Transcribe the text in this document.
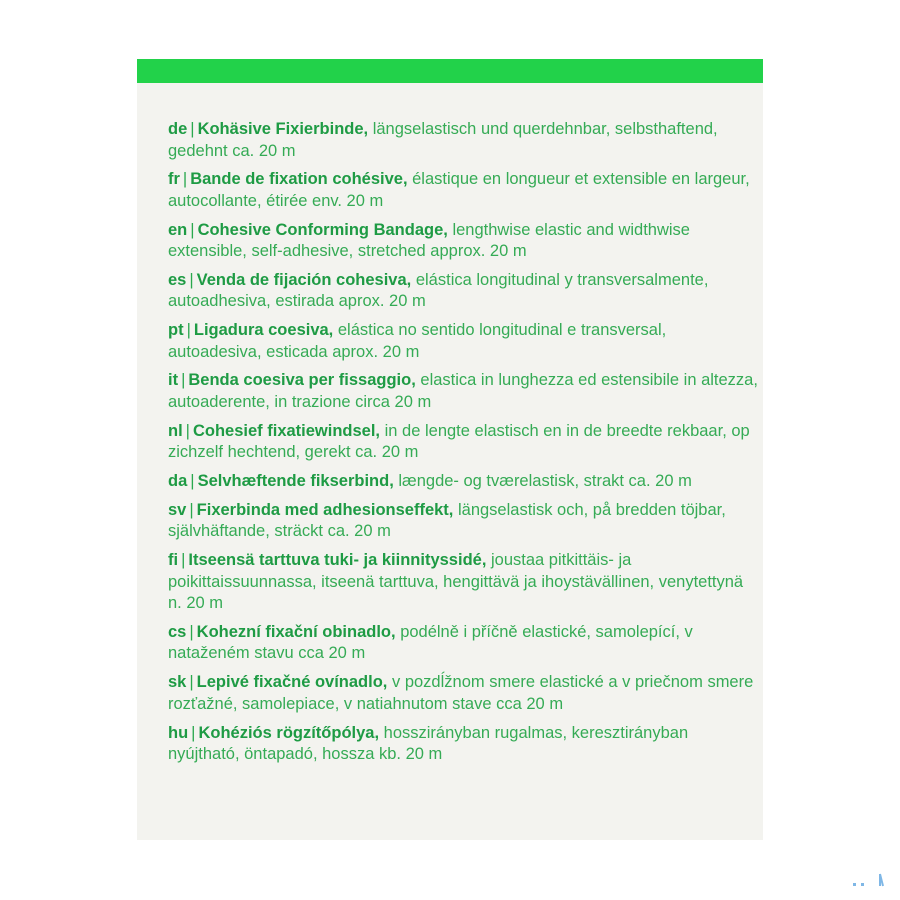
de | Kohäsive Fixierbinde, längselastisch und querdehnbar, selbsthaftend, gedehnt ca. 20 m
fr | Bande de fixation cohésive, élastique en longueur et extensible en largeur, autocollante, étirée env. 20 m
en | Cohesive Conforming Bandage, lengthwise elastic and widthwise extensible, self-adhesive, stretched approx. 20 m
es | Venda de fijación cohesiva, elástica longitudinal y transversalmente, autoadhesiva, estirada aprox. 20 m
pt | Ligadura coesiva, elástica no sentido longitudinal e transversal, autoadesiva, esticada aprox. 20 m
it | Benda coesiva per fissaggio, elastica in lunghezza ed estensibile in altezza, autoaderente, in trazione circa 20 m
nl | Cohesief fixatiewindsel, in de lengte elastisch en in de breedte rekbaar, op zichzelf hechtend, gerekt ca. 20 m
da | Selvhæftende fikserbind, længde- og tværelastisk, strakt ca. 20 m
sv | Fixerbinda med adhesionseffekt, längselastisk och, på bredden töjbar, självhäftande, sträckt ca. 20 m
fi | Itseensä tarttuva tuki- ja kiinnityssidé, joustaa pitkittäis- ja poikittaissuunnassa, itseenä tarttuva, hengittävä ja ihoystävällinen, venytettynä n. 20 m
cs | Kohezní fixační obinadlo, podélně i příčně elastické, samolepící, v nataženém stavu cca 20 m
sk | Lepivé fixačné ovínadlo, v pozdĺžnom smere elastické a v priečnom smere rozťažné, samolepiace, v natiahnutom stave cca 20 m
hu | Kohéziós rögzítőpólya, hosszirányban rugalmas, keresztirányban nyújtható, öntapadó, hossza kb. 20 m
